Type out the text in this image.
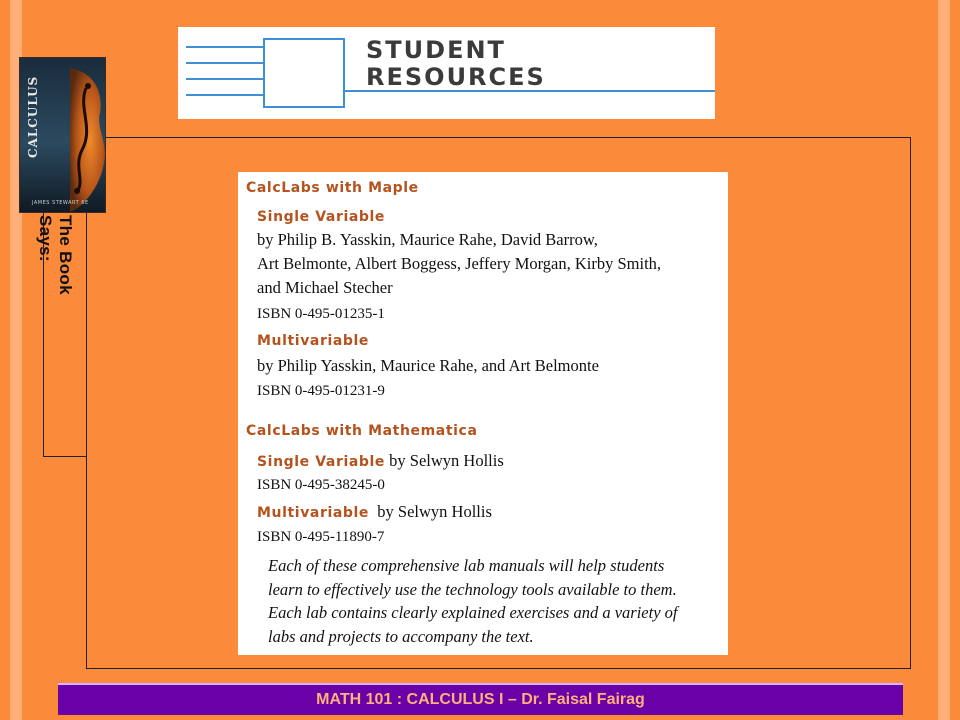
STUDENT
RESOURCES
The Book Says:
CALCULUS
JAMES STEWART 6E
CalcLabs with Maple
Single Variable
by Philip B. Yasskin, Maurice Rahe, David Barrow,
Art Belmonte, Albert Boggess, Jeffery Morgan, Kirby Smith,
and Michael Stecher
ISBN 0-495-01235-1
Multivariable
by Philip Yasskin, Maurice Rahe, and Art Belmonte
ISBN 0-495-01231-9
CalcLabs with Mathematica
Single Variable by Selwyn Hollis
ISBN 0-495-38245-0
Multivariable by Selwyn Hollis
ISBN 0-495-11890-7
Each of these comprehensive lab manuals will help students
learn to effectively use the technology tools available to them.
Each lab contains clearly explained exercises and a variety of
labs and projects to accompany the text.
MATH 101 : CALCULUS I – Dr. Faisal Fairag
